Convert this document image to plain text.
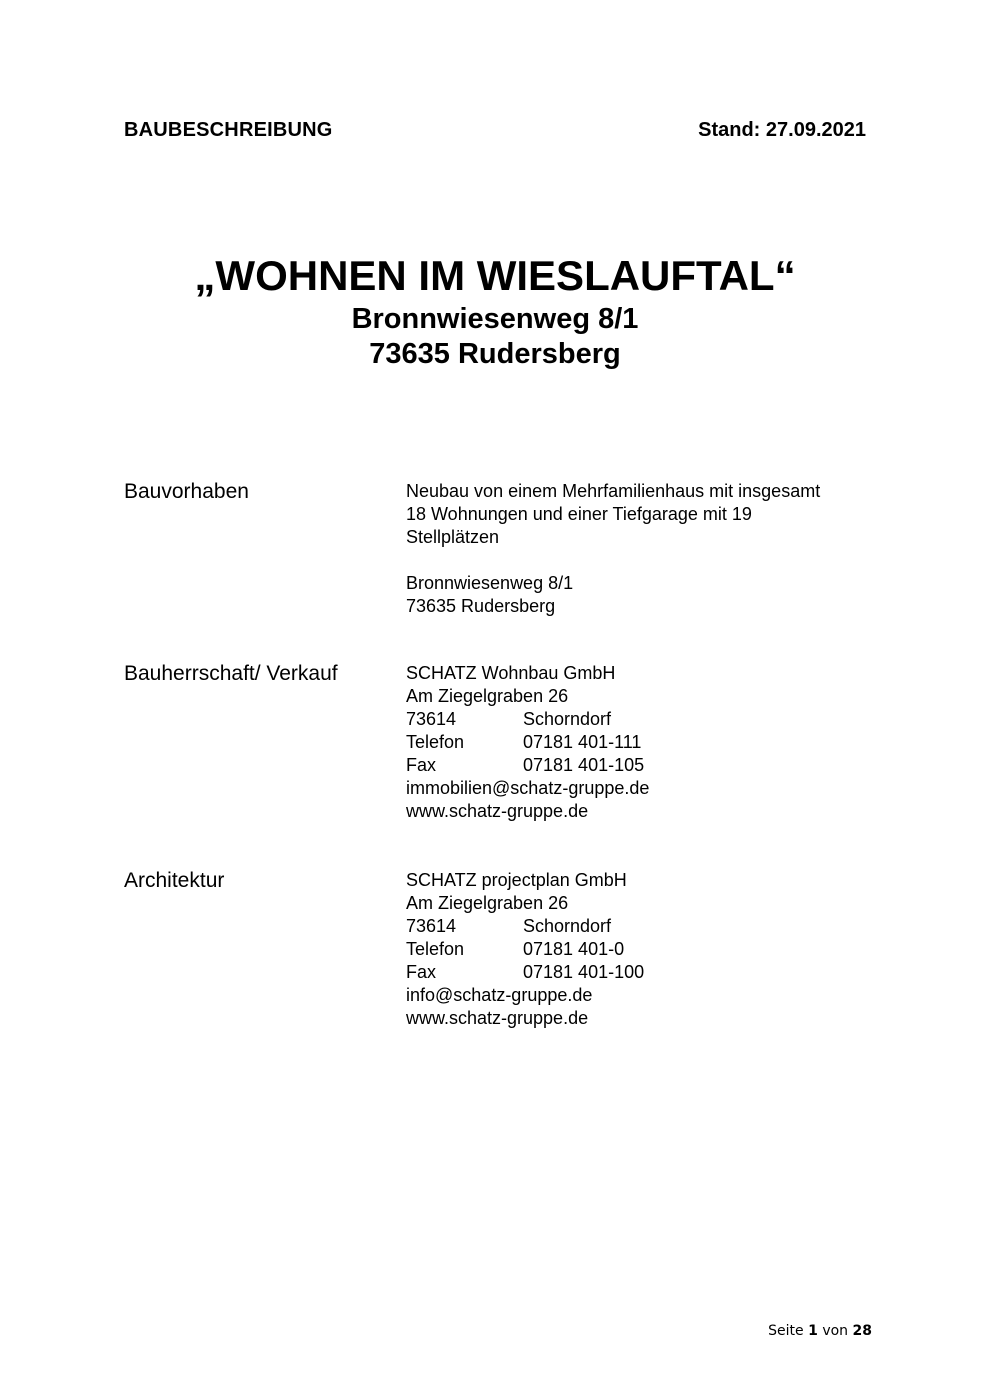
BAUBESCHREIBUNG	Stand: 27.09.2021

„WOHNEN IM WIESLAUFTAL“

Bronnwiesenweg 8/1

73635 Rudersberg

Bauvorhaben	Neubau von einem Mehrfamilienhaus mit insgesamt
18 Wohnungen und einer Tiefgarage mit 19
Stellplätzen
Bronnwiesenweg 8/1
73635 Rudersberg
Bauherrschaft/ Verkauf	SCHATZ Wohnbau GmbH
Am Ziegelgraben 26
73614	Schorndorf
Telefon	07181 401-111
Fax	07181 401-105
immobilien@schatz-gruppe.de
www.schatz-gruppe.de
Architektur	SCHATZ projectplan GmbH
Am Ziegelgraben 26
73614	Schorndorf
Telefon	07181 401-0
Fax	07181 401-100
info@schatz-gruppe.de
www.schatz-gruppe.de
Seite 1 von 28
